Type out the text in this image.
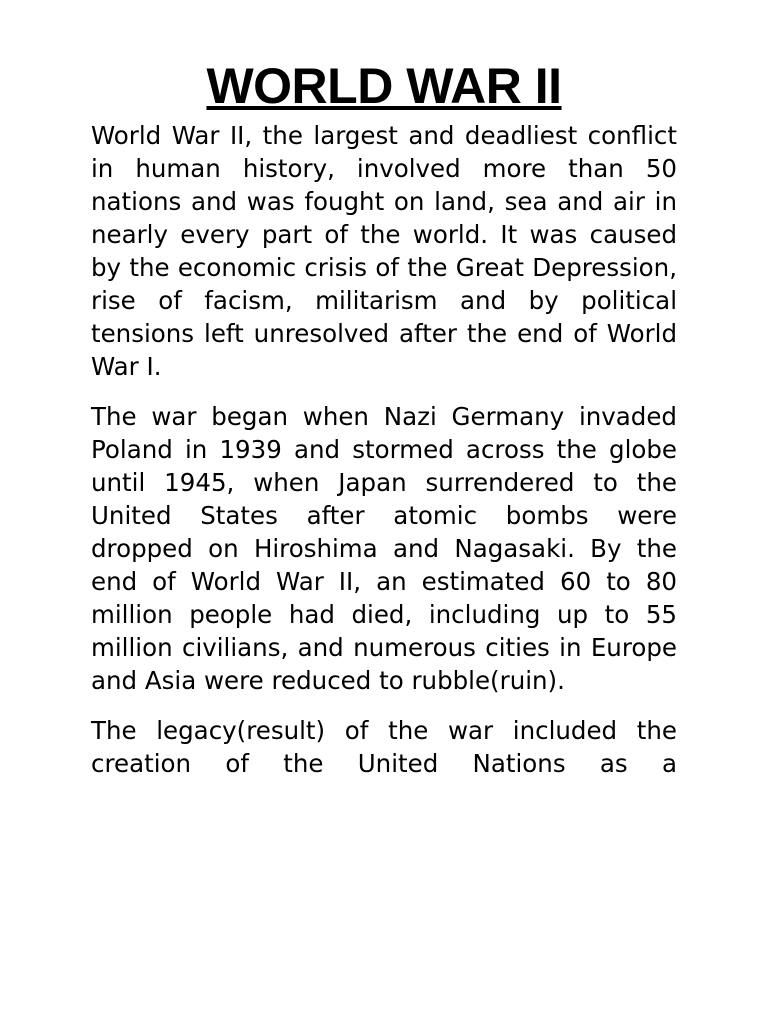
WORLD WAR II

World War II, the largest and deadliest conflict in human history, involved more than 50 nations and was fought on land, sea and air in nearly every part of the world. It was caused by the economic crisis of the Great Depression, rise of facism, militarism and by political tensions left unresolved after the end of World War I.

The war began when Nazi Germany invaded Poland in 1939 and stormed across the globe until 1945, when Japan surrendered to the United States after atomic bombs were dropped on Hiroshima and Nagasaki. By the end of World War II, an estimated 60 to 80 million people had died, including up to 55 million civilians, and numerous cities in Europe and Asia were reduced to rubble(ruin).

The legacy(result) of the war included the creation of the United Nations as a
